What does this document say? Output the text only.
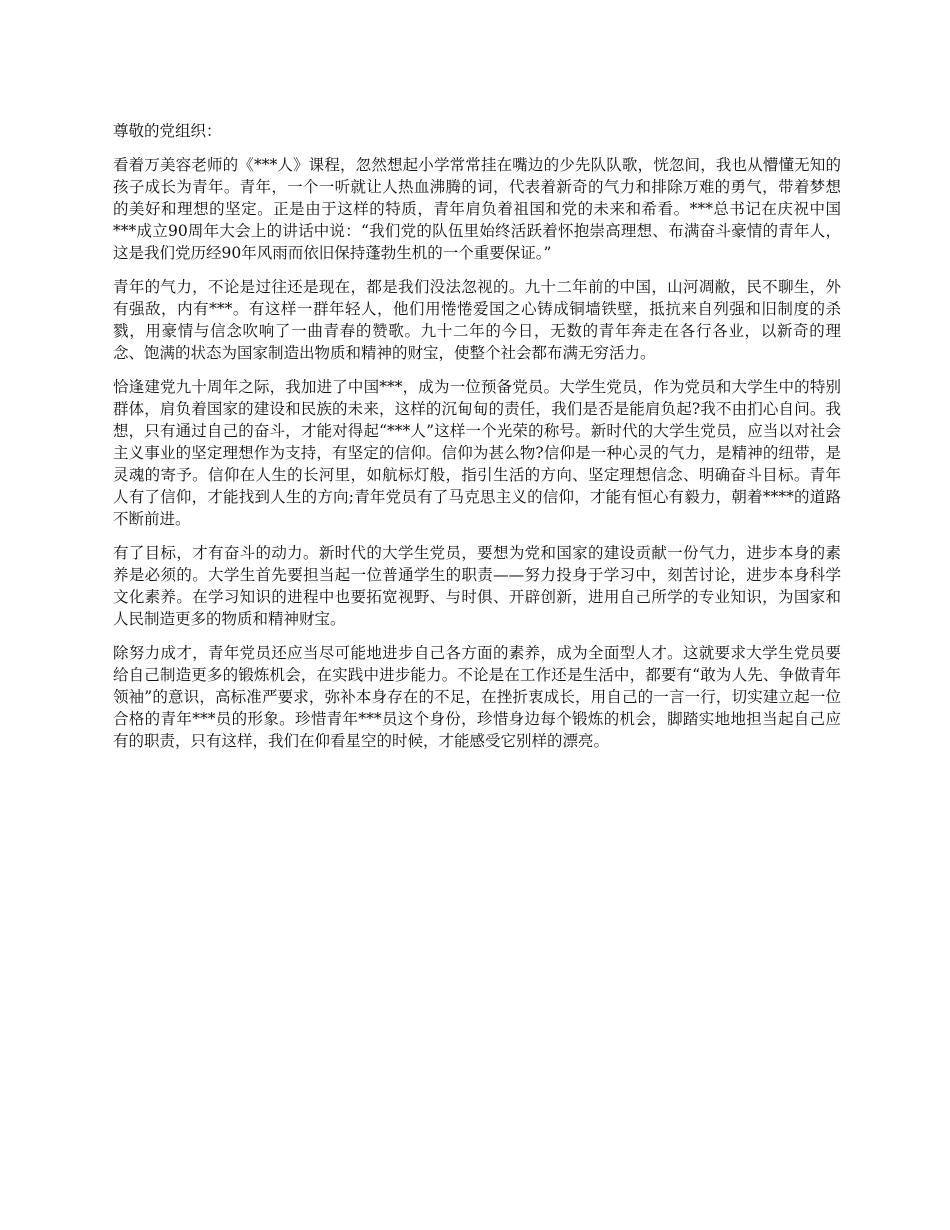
尊敬的党组织：

看着万美容老师的《***人》课程，忽然想起小学常常挂在嘴边的少先队队歌，恍忽间，我也从懵懂无知的孩子成长为青年。青年，一个一听就让人热血沸腾的词，代表着新奇的气力和排除万难的勇气，带着梦想的美好和理想的坚定。正是由于这样的特质，青年肩负着祖国和党的未来和希看。***总书记在庆祝中国***成立90周年大会上的讲话中说：“我们党的队伍里始终活跃着怀抱崇高理想、布满奋斗豪情的青年人，这是我们党历经90年风雨而依旧保持蓬勃生机的一个重要保证。”

青年的气力，不论是过往还是现在，都是我们没法忽视的。九十二年前的中国，山河凋敝，民不聊生，外有强敌，内有***。有这样一群年轻人，他们用惓惓爱国之心铸成铜墙铁壁，抵抗来自列强和旧制度的杀戮，用豪情与信念吹响了一曲青春的赞歌。九十二年的今日，无数的青年奔走在各行各业，以新奇的理念、饱满的状态为国家制造出物质和精神的财宝，使整个社会都布满无穷活力。

恰逢建党九十周年之际，我加进了中国***，成为一位预备党员。大学生党员，作为党员和大学生中的特别群体，肩负着国家的建设和民族的未来，这样的沉甸甸的责任，我们是否是能肩负起?我不由扪心自问。我想，只有通过自己的奋斗，才能对得起“***人”这样一个光荣的称号。新时代的大学生党员，应当以对社会主义事业的坚定理想作为支持，有坚定的信仰。信仰为甚么物?信仰是一种心灵的气力，是精神的纽带，是灵魂的寄予。信仰在人生的长河里，如航标灯般，指引生活的方向、坚定理想信念、明确奋斗目标。青年人有了信仰，才能找到人生的方向;青年党员有了马克思主义的信仰，才能有恒心有毅力，朝着****的道路不断前进。

有了目标，才有奋斗的动力。新时代的大学生党员，要想为党和国家的建设贡献一份气力，进步本身的素养是必须的。大学生首先要担当起一位普通学生的职责——努力投身于学习中，刻苦讨论，进步本身科学文化素养。在学习知识的进程中也要拓宽视野、与时俱、开辟创新，进用自己所学的专业知识，为国家和人民制造更多的物质和精神财宝。

除努力成才，青年党员还应当尽可能地进步自己各方面的素养，成为全面型人才。这就要求大学生党员要给自己制造更多的锻炼机会，在实践中进步能力。不论是在工作还是生活中，都要有“敢为人先、争做青年领袖”的意识，高标准严要求，弥补本身存在的不足，在挫折衷成长，用自己的一言一行，切实建立起一位合格的青年***员的形象。珍惜青年***员这个身份，珍惜身边每个锻炼的机会，脚踏实地地担当起自己应有的职责，只有这样，我们在仰看星空的时候，才能感受它别样的漂亮。
